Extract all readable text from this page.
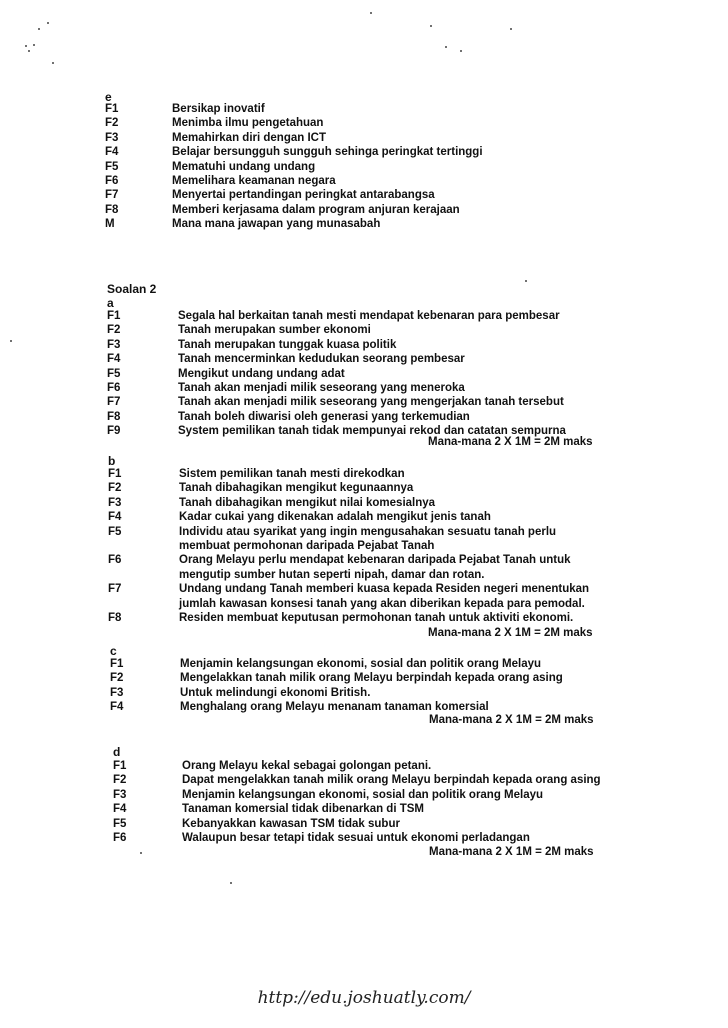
e
F1	Bersikap inovatif
F2	Menimba ilmu pengetahuan
F3	Memahirkan diri dengan ICT
F4	Belajar bersungguh sungguh sehinga peringkat tertinggi
F5	Mematuhi undang undang
F6	Memelihara keamanan negara
F7	Menyertai pertandingan peringkat antarabangsa
F8	Memberi kerjasama dalam program anjuran kerajaan
M	Mana mana jawapan yang munasabah
Soalan 2
a
F1	Segala hal berkaitan tanah mesti mendapat kebenaran para pembesar
F2	Tanah merupakan sumber ekonomi
F3	Tanah merupakan tunggak kuasa politik
F4	Tanah mencerminkan kedudukan seorang pembesar
F5	Mengikut undang undang adat
F6	Tanah akan menjadi milik seseorang yang meneroka
F7	Tanah akan menjadi milik seseorang yang mengerjakan tanah tersebut
F8	Tanah boleh diwarisi oleh generasi yang terkemudian
F9	System pemilikan tanah tidak mempunyai rekod dan catatan sempurna
Mana-mana 2 X 1M = 2M maks
b
F1	Sistem pemilikan tanah mesti direkodkan
F2	Tanah dibahagikan mengikut kegunaannya
F3	Tanah dibahagikan mengikut nilai komesialnya
F4	Kadar cukai yang dikenakan adalah mengikut jenis tanah
F5	Individu atau syarikat yang ingin mengusahakan sesuatu tanah perlu
membuat permohonan daripada Pejabat Tanah
F6	Orang Melayu perlu mendapat kebenaran daripada Pejabat Tanah untuk
mengutip sumber hutan seperti nipah, damar dan rotan.
F7	Undang undang Tanah memberi kuasa kepada Residen negeri menentukan
jumlah kawasan konsesi tanah yang akan diberikan kepada para pemodal.
F8	Residen membuat keputusan permohonan tanah untuk aktiviti ekonomi.
Mana-mana 2 X 1M = 2M maks
c
F1	Menjamin kelangsungan ekonomi, sosial dan politik orang Melayu
F2	Mengelakkan tanah milik orang Melayu berpindah kepada orang asing
F3	Untuk melindungi ekonomi British.
F4	Menghalang orang Melayu menanam tanaman komersial
Mana-mana 2 X 1M = 2M maks
d
F1	Orang Melayu kekal sebagai golongan petani.
F2	Dapat mengelakkan tanah milik orang Melayu berpindah kepada orang asing
F3	Menjamin kelangsungan ekonomi, sosial dan politik orang Melayu
F4	Tanaman komersial tidak dibenarkan di TSM
F5	Kebanyakkan kawasan TSM tidak subur
F6	Walaupun besar tetapi tidak sesuai untuk ekonomi perladangan
Mana-mana 2 X 1M = 2M maks
http://edu.joshuatly.com/
